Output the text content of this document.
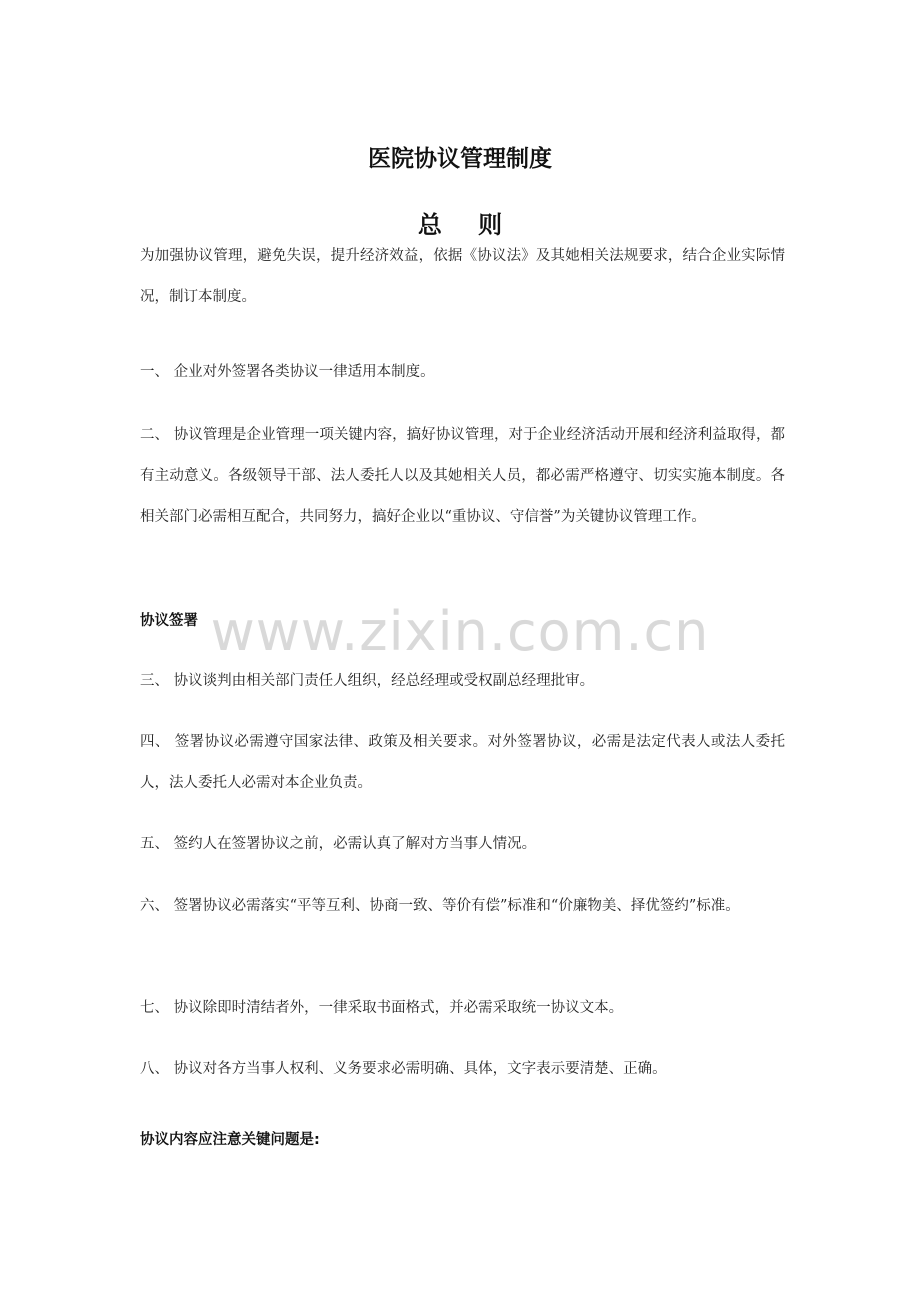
医院协议管理制度
总 则
为加强协议管理，避免失误，提升经济效益，依据《协议法》及其她相关法规要求，结合企业实际情况，制订本制度。
一、 企业对外签署各类协议一律适用本制度。
二、 协议管理是企业管理一项关键内容，搞好协议管理，对于企业经济活动开展和经济利益取得，都有主动意义。各级领导干部、法人委托人以及其她相关人员，都必需严格遵守、切实实施本制度。各相关部门必需相互配合，共同努力，搞好企业以“重协议、守信誉”为关键协议管理工作。
协议签署 www.zixin.com.cn
三、 协议谈判由相关部门责任人组织，经总经理或受权副总经理批审。
四、 签署协议必需遵守国家法律、政策及相关要求。对外签署协议，必需是法定代表人或法人委托人，法人委托人必需对本企业负责。
五、 签约人在签署协议之前，必需认真了解对方当事人情况。
六、 签署协议必需落实“平等互利、协商一致、等价有偿”标准和“价廉物美、择优签约”标准。
七、 协议除即时清结者外，一律采取书面格式，并必需采取统一协议文本。
八、 协议对各方当事人权利、义务要求必需明确、具体，文字表示要清楚、正确。
协议内容应注意关键问题是:
